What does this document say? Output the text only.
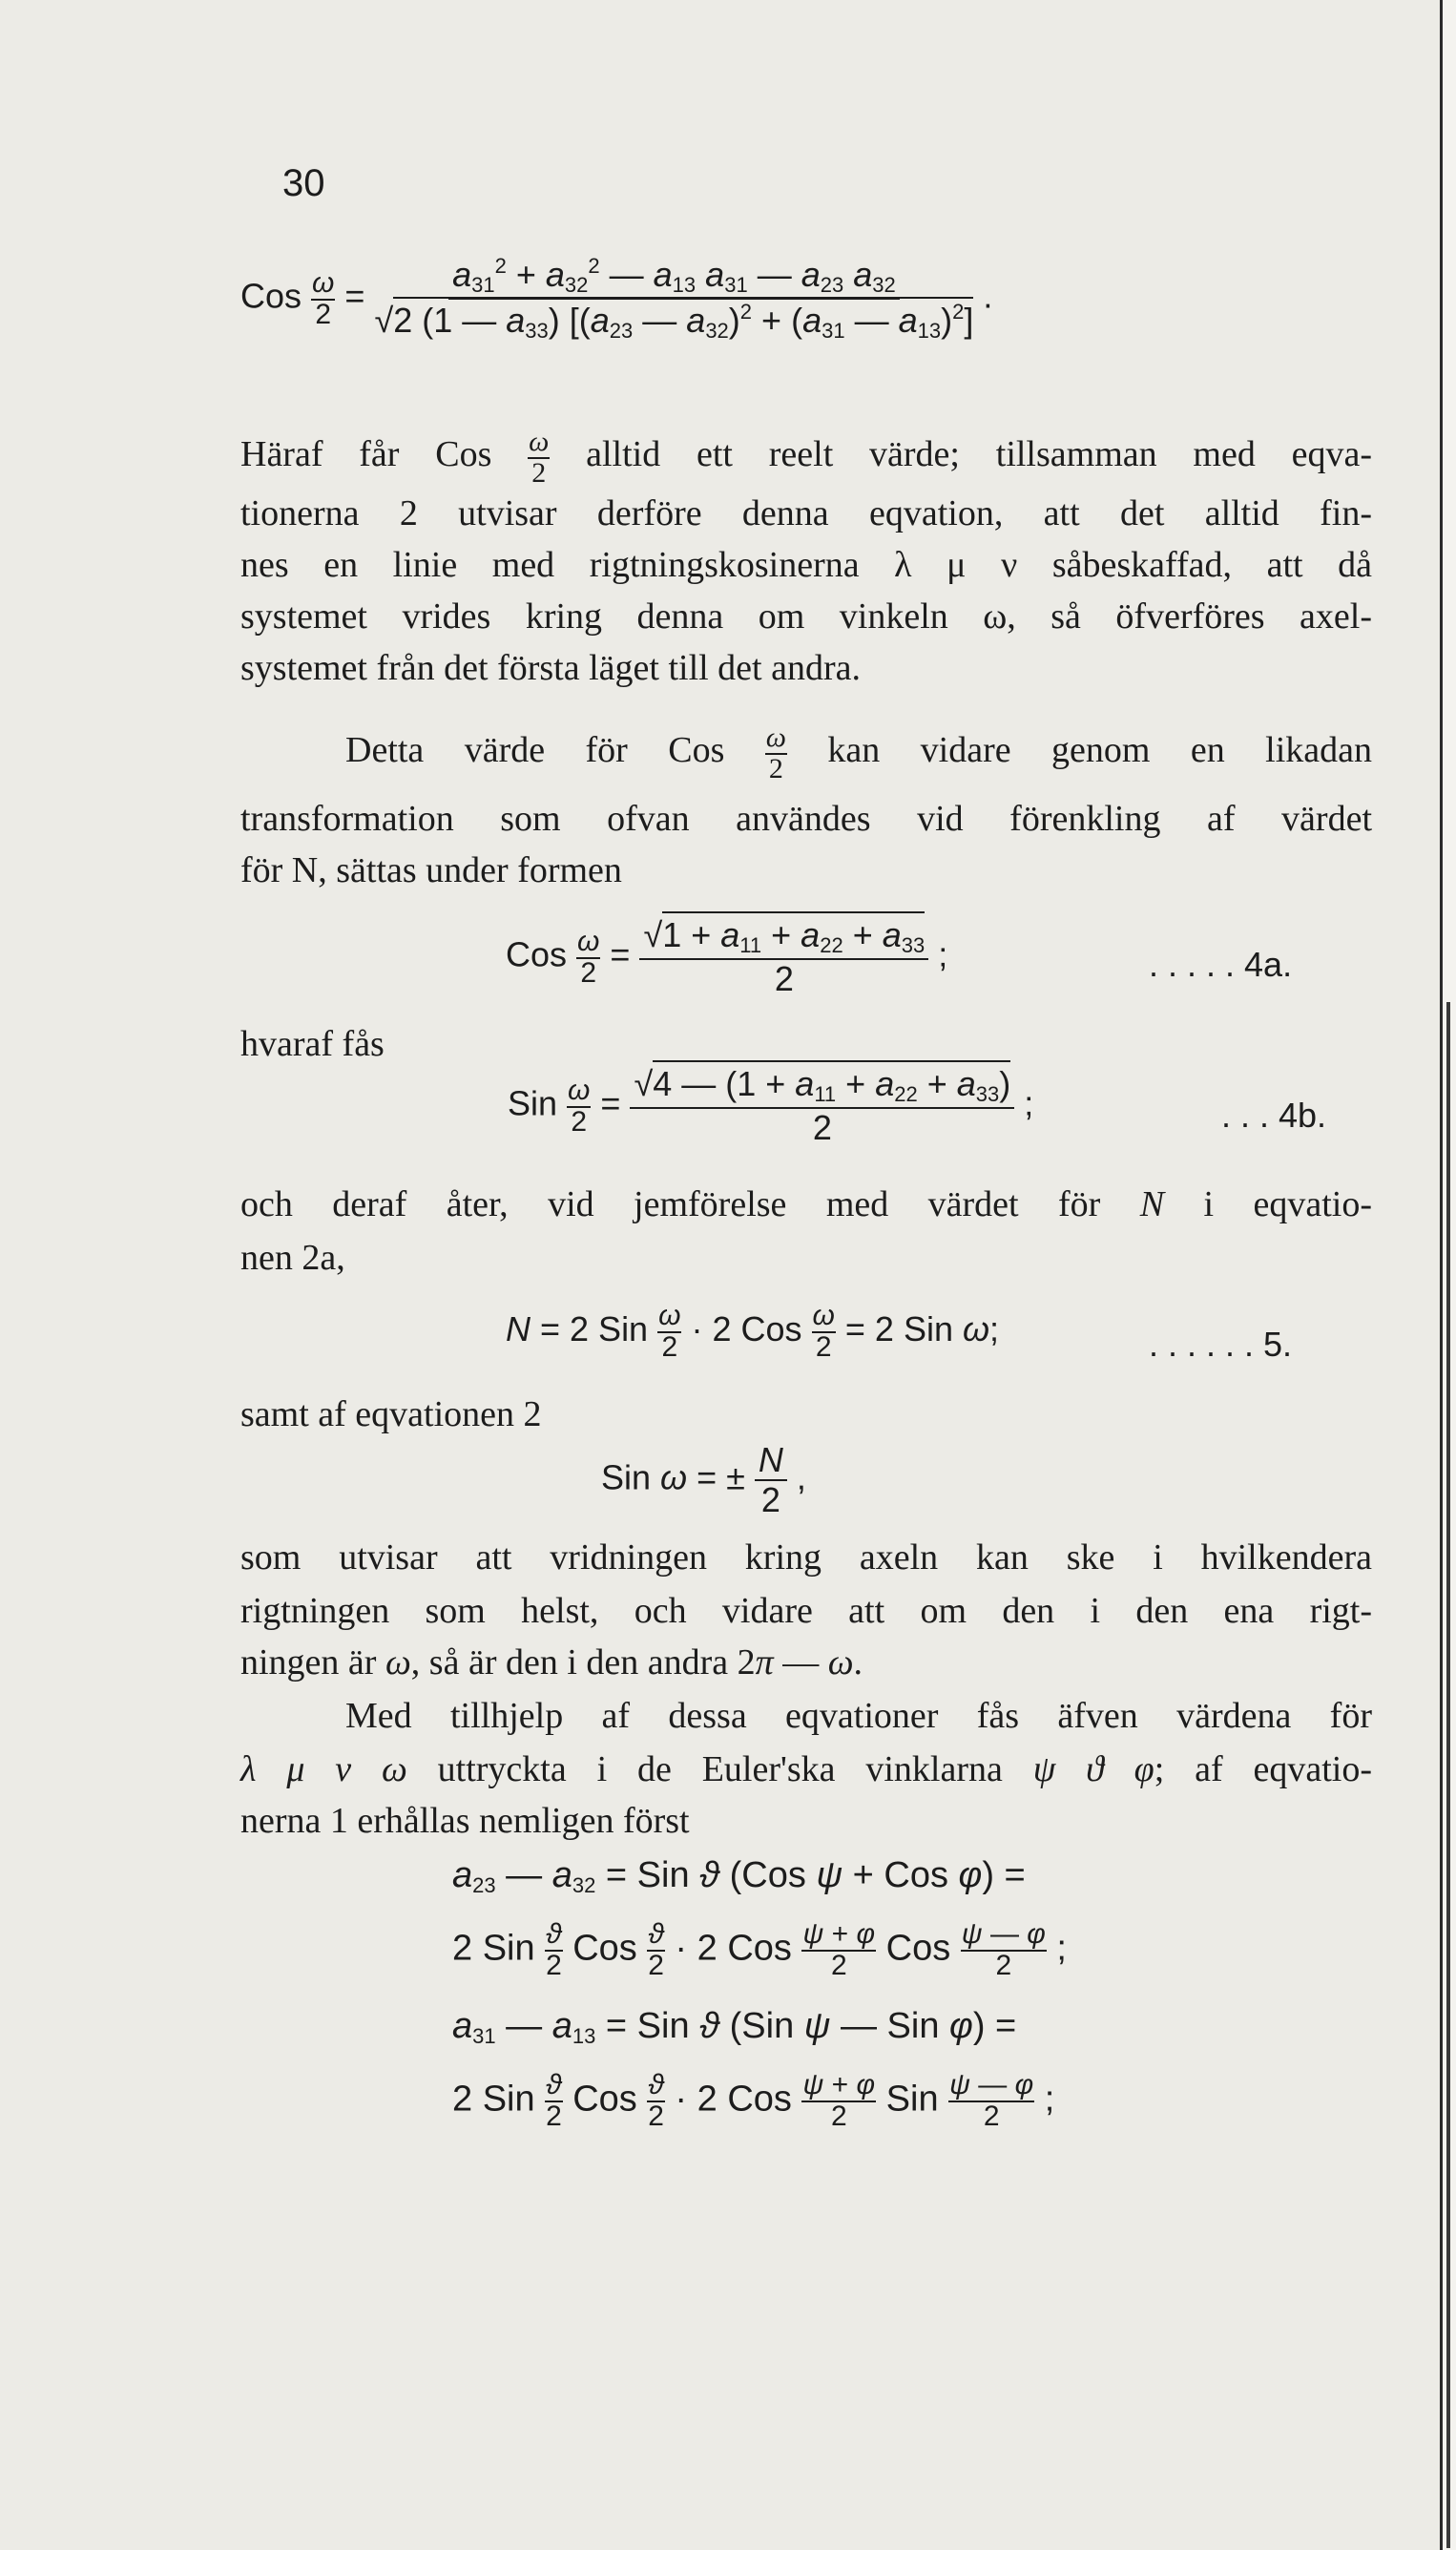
30
Cos $\frac{\omega}{2} = \frac{a_{31}^2 + a_{32}^2 — a_{13} a_{31} — a_{23} a_{32}}{√2 (1 — a_{33}) [(a_{23} — a_{32})^2 + (a_{31} — a_{13})^2]}$ .
Häraf får Cos $\frac{\omega}{2}$ alltid ett reelt värde; tillsamman med eqva-
tionerna 2 utvisar derföre denna eqvation, att det alltid fin-
nes en linie med rigtningskosinerna λ μ ν såbeskaffad, att då
systemet vrides kring denna om vinkeln ω, så öfverföres axel-
systemet från det första läget till det andra.
Detta värde för Cos $\frac{\omega}{2}$ kan vidare genom en likadan
transformation som ofvan användes vid förenkling af värdet
för N, sättas under formen
Cos $\frac{\omega}{2} = \frac{√1 + a_{11} + a_{22} + a_{33}}{2}$ ;	. . . . . 4a.
hvaraf fås
Sin $\frac{\omega}{2} = \frac{√4 — (1 + a_{11} + a_{22} + a_{33})}{2}$ ;	. . . 4b.
och deraf åter, vid jemförelse med värdet för N i eqvatio-
nen 2a,
N = 2 Sin $\frac{\omega}{2} \cdot 2$ Cos $\frac{\omega}{2} = 2$ Sin ω;	. . . . . . 5.
samt af eqvationen 2
Sin ω = ± $\frac{N}{2}$ ,
som utvisar att vridningen kring axeln kan ske i hvilkendera
rigtningen som helst, och vidare att om den i den ena rigt-
ningen är ω, så är den i den andra 2π — ω.
Med tillhjelp af dessa eqvationer fås äfven värdena för
λ μ ν ω uttryckta i de Euler'ska vinklarna ψ ϑ φ; af eqvatio-
nerna 1 erhållas nemligen först
$a_{23}$ — $a_{32}$ = Sin ϑ (Cos ψ + Cos φ) =
2 Sin $\frac{ϑ}{2}$ Cos $\frac{ϑ}{2} \cdot 2$ Cos $\frac{\psi + \varphi}{2}$ Cos $\frac{\psi — \varphi}{2}$ ;
$a_{31}$ — $a_{13}$ = Sin ϑ (Sin ψ — Sin φ) =
2 Sin $\frac{ϑ}{2}$ Cos $\frac{ϑ}{2} \cdot 2$ Cos $\frac{\psi + \varphi}{2}$ Sin $\frac{\psi — \varphi}{2}$ ;
